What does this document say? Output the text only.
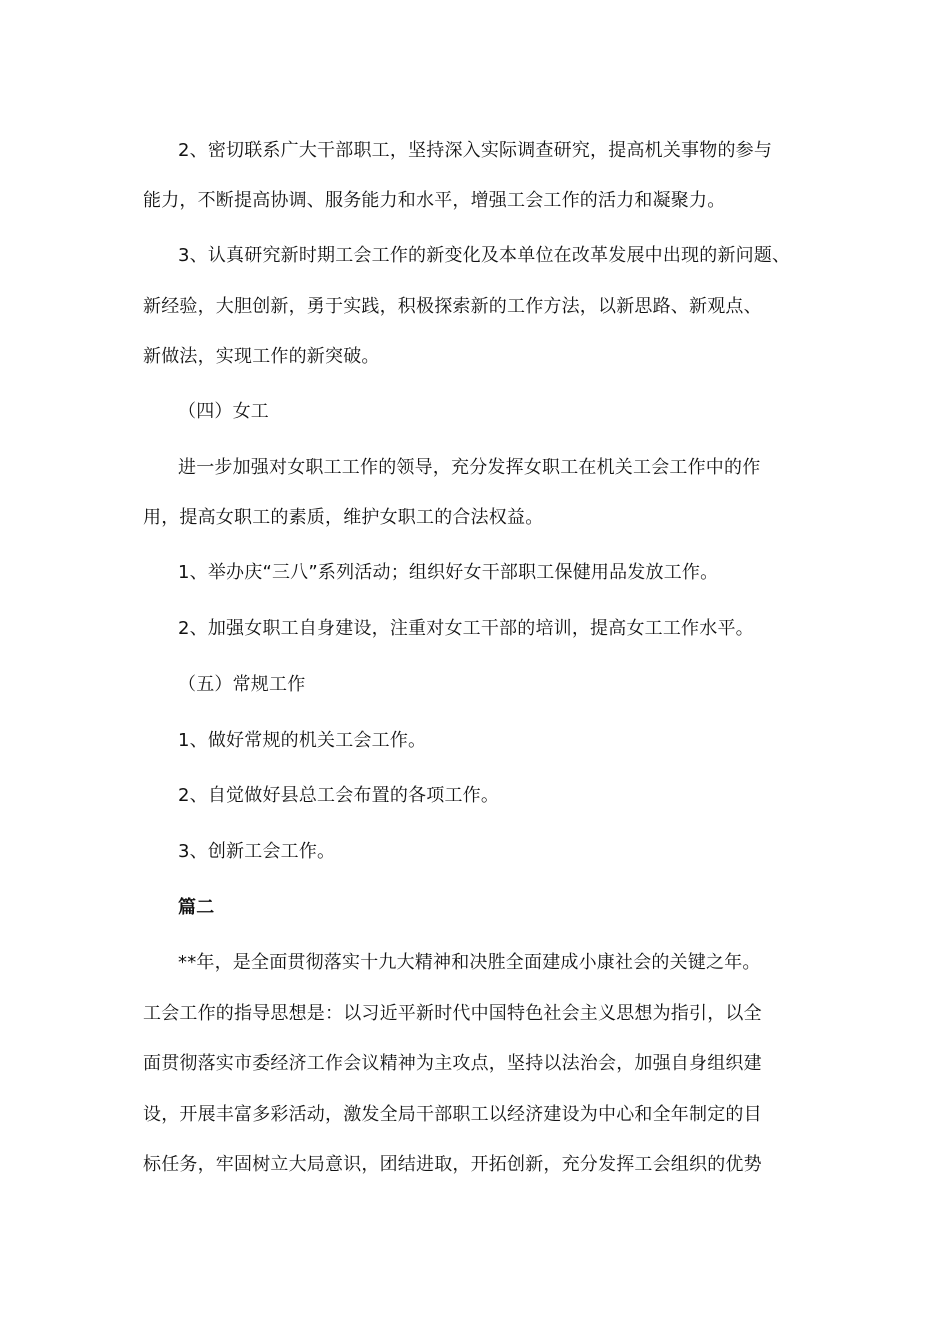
2、密切联系广大干部职工，坚持深入实际调查研究，提高机关事物的参与
能力，不断提高协调、服务能力和水平，增强工会工作的活力和凝聚力。
3、认真研究新时期工会工作的新变化及本单位在改革发展中出现的新问题、
新经验，大胆创新，勇于实践，积极探索新的工作方法，以新思路、新观点、
新做法，实现工作的新突破。
（四）女工
进一步加强对女职工工作的领导，充分发挥女职工在机关工会工作中的作
用，提高女职工的素质，维护女职工的合法权益。
1、举办庆“三八”系列活动；组织好女干部职工保健用品发放工作。
2、加强女职工自身建设，注重对女工干部的培训，提高女工工作水平。
（五）常规工作
1、做好常规的机关工会工作。
2、自觉做好县总工会布置的各项工作。
3、创新工会工作。
篇二
**年，是全面贯彻落实十九大精神和决胜全面建成小康社会的关键之年。
工会工作的指导思想是：以习近平新时代中国特色社会主义思想为指引，以全
面贯彻落实市委经济工作会议精神为主攻点，坚持以法治会，加强自身组织建
设，开展丰富多彩活动，激发全局干部职工以经济建设为中心和全年制定的目
标任务，牢固树立大局意识，团结进取，开拓创新，充分发挥工会组织的优势
